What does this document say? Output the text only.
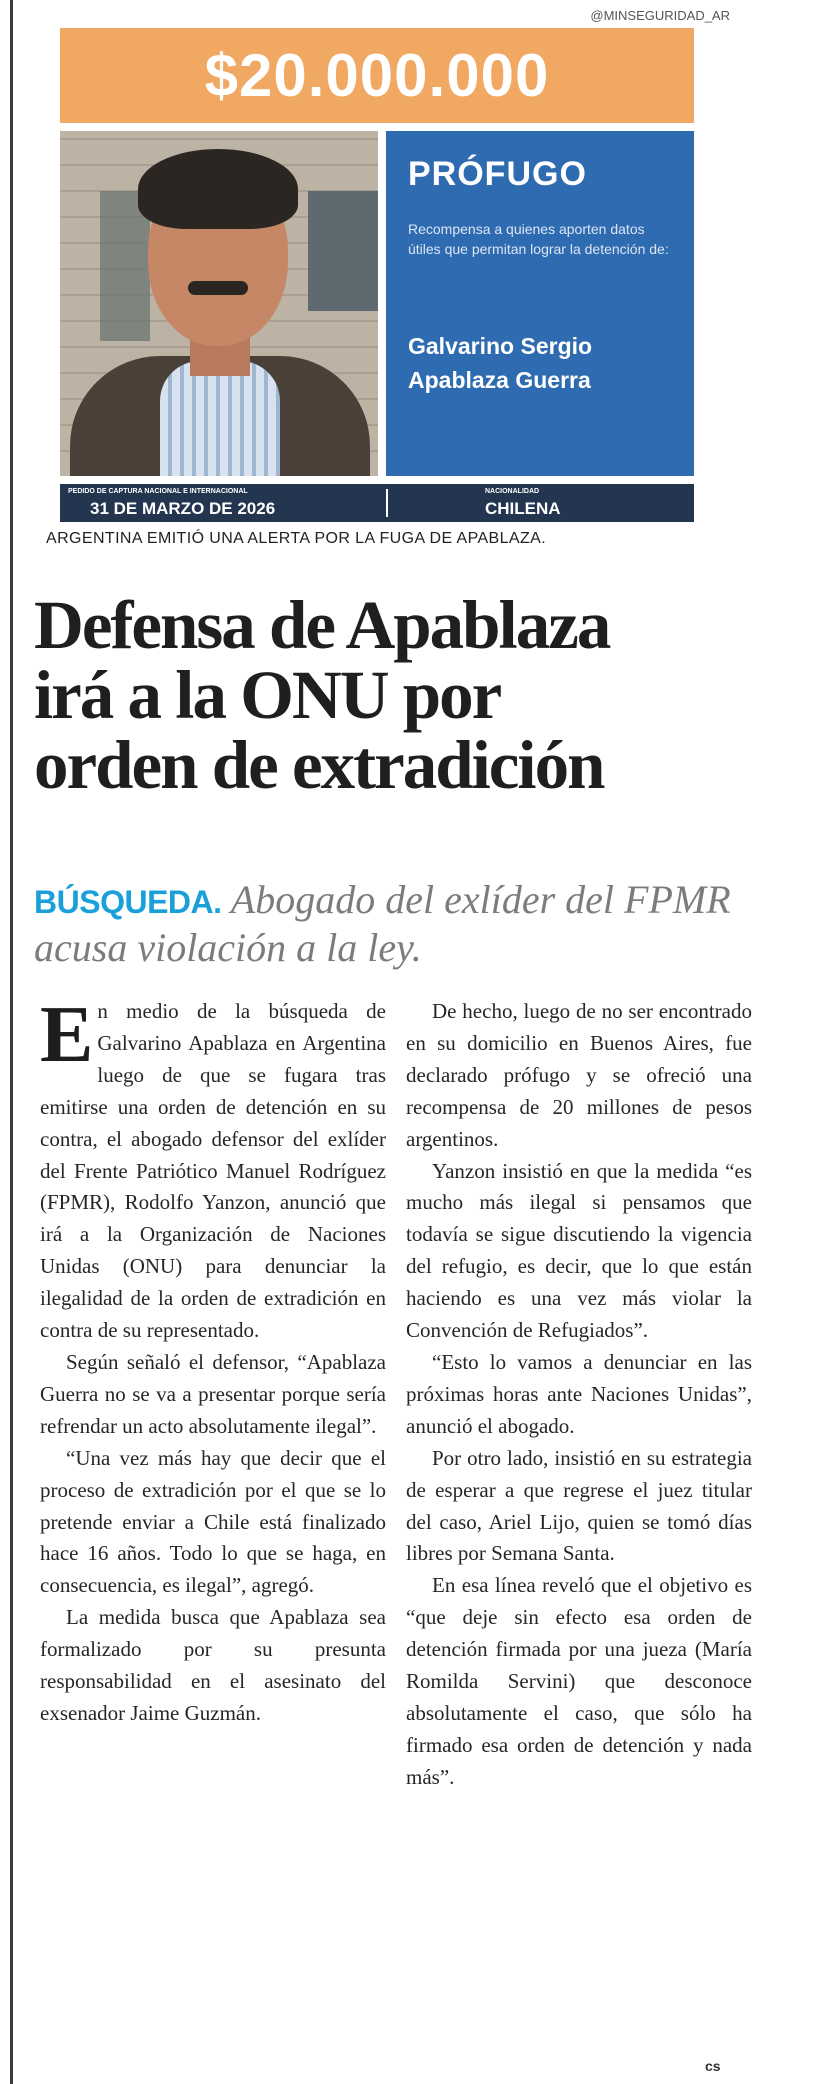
@MINSEGURIDAD_AR
$20.000.000
PRÓFUGO
Recompensa a quienes aporten datos útiles que permitan lograr la detención de:
Galvarino Sergio
Apablaza Guerra
PEDIDO DE CAPTURA NACIONAL E INTERNACIONAL
31 DE MARZO DE 2026
NACIONALIDAD
CHILENA
ARGENTINA EMITIÓ UNA ALERTA POR LA FUGA DE APABLAZA.
Defensa de Apablaza
irá a la ONU por
orden de extradición
BÚSQUEDA. Abogado del exlíder del FPMR acusa violación a la ley.

En medio de la búsqueda de Galvarino Apablaza en Argentina luego de que se fugara tras emitirse una orden de detención en su contra, el abogado defensor del exlíder del Frente Patriótico Manuel Rodríguez (FPMR), Rodolfo Yanzon, anunció que irá a la Organización de Naciones Unidas (ONU) para denunciar la ilegalidad de la orden de extradición en contra de su representado.

Según señaló el defensor, “Apablaza Guerra no se va a presentar porque sería refrendar un acto absolutamente ilegal”.

“Una vez más hay que decir que el proceso de extradición por el que se lo pretende enviar a Chile está finalizado hace 16 años. Todo lo que se haga, en consecuencia, es ilegal”, agregó.

La medida busca que Apablaza sea formalizado por su presunta responsabilidad en el asesinato del exsenador Jaime Guzmán.

De hecho, luego de no ser encontrado en su domicilio en Buenos Aires, fue declarado prófugo y se ofreció una recompensa de 20 millones de pesos argentinos.

Yanzon insistió en que la medida “es mucho más ilegal si pensamos que todavía se sigue discutiendo la vigencia del refugio, es decir, que lo que están haciendo es una vez más violar la Convención de Refugiados”.

“Esto lo vamos a denunciar en las próximas horas ante Naciones Unidas”, anunció el abogado.

Por otro lado, insistió en su estrategia de esperar a que regrese el juez titular del caso, Ariel Lijo, quien se tomó días libres por Semana Santa.

En esa línea reveló que el objetivo es “que deje sin efecto esa orden de detención firmada por una jueza (María Romilda Servini) que desconoce absolutamente el caso, que sólo ha firmado esa orden de detención y nada más”.

cs
